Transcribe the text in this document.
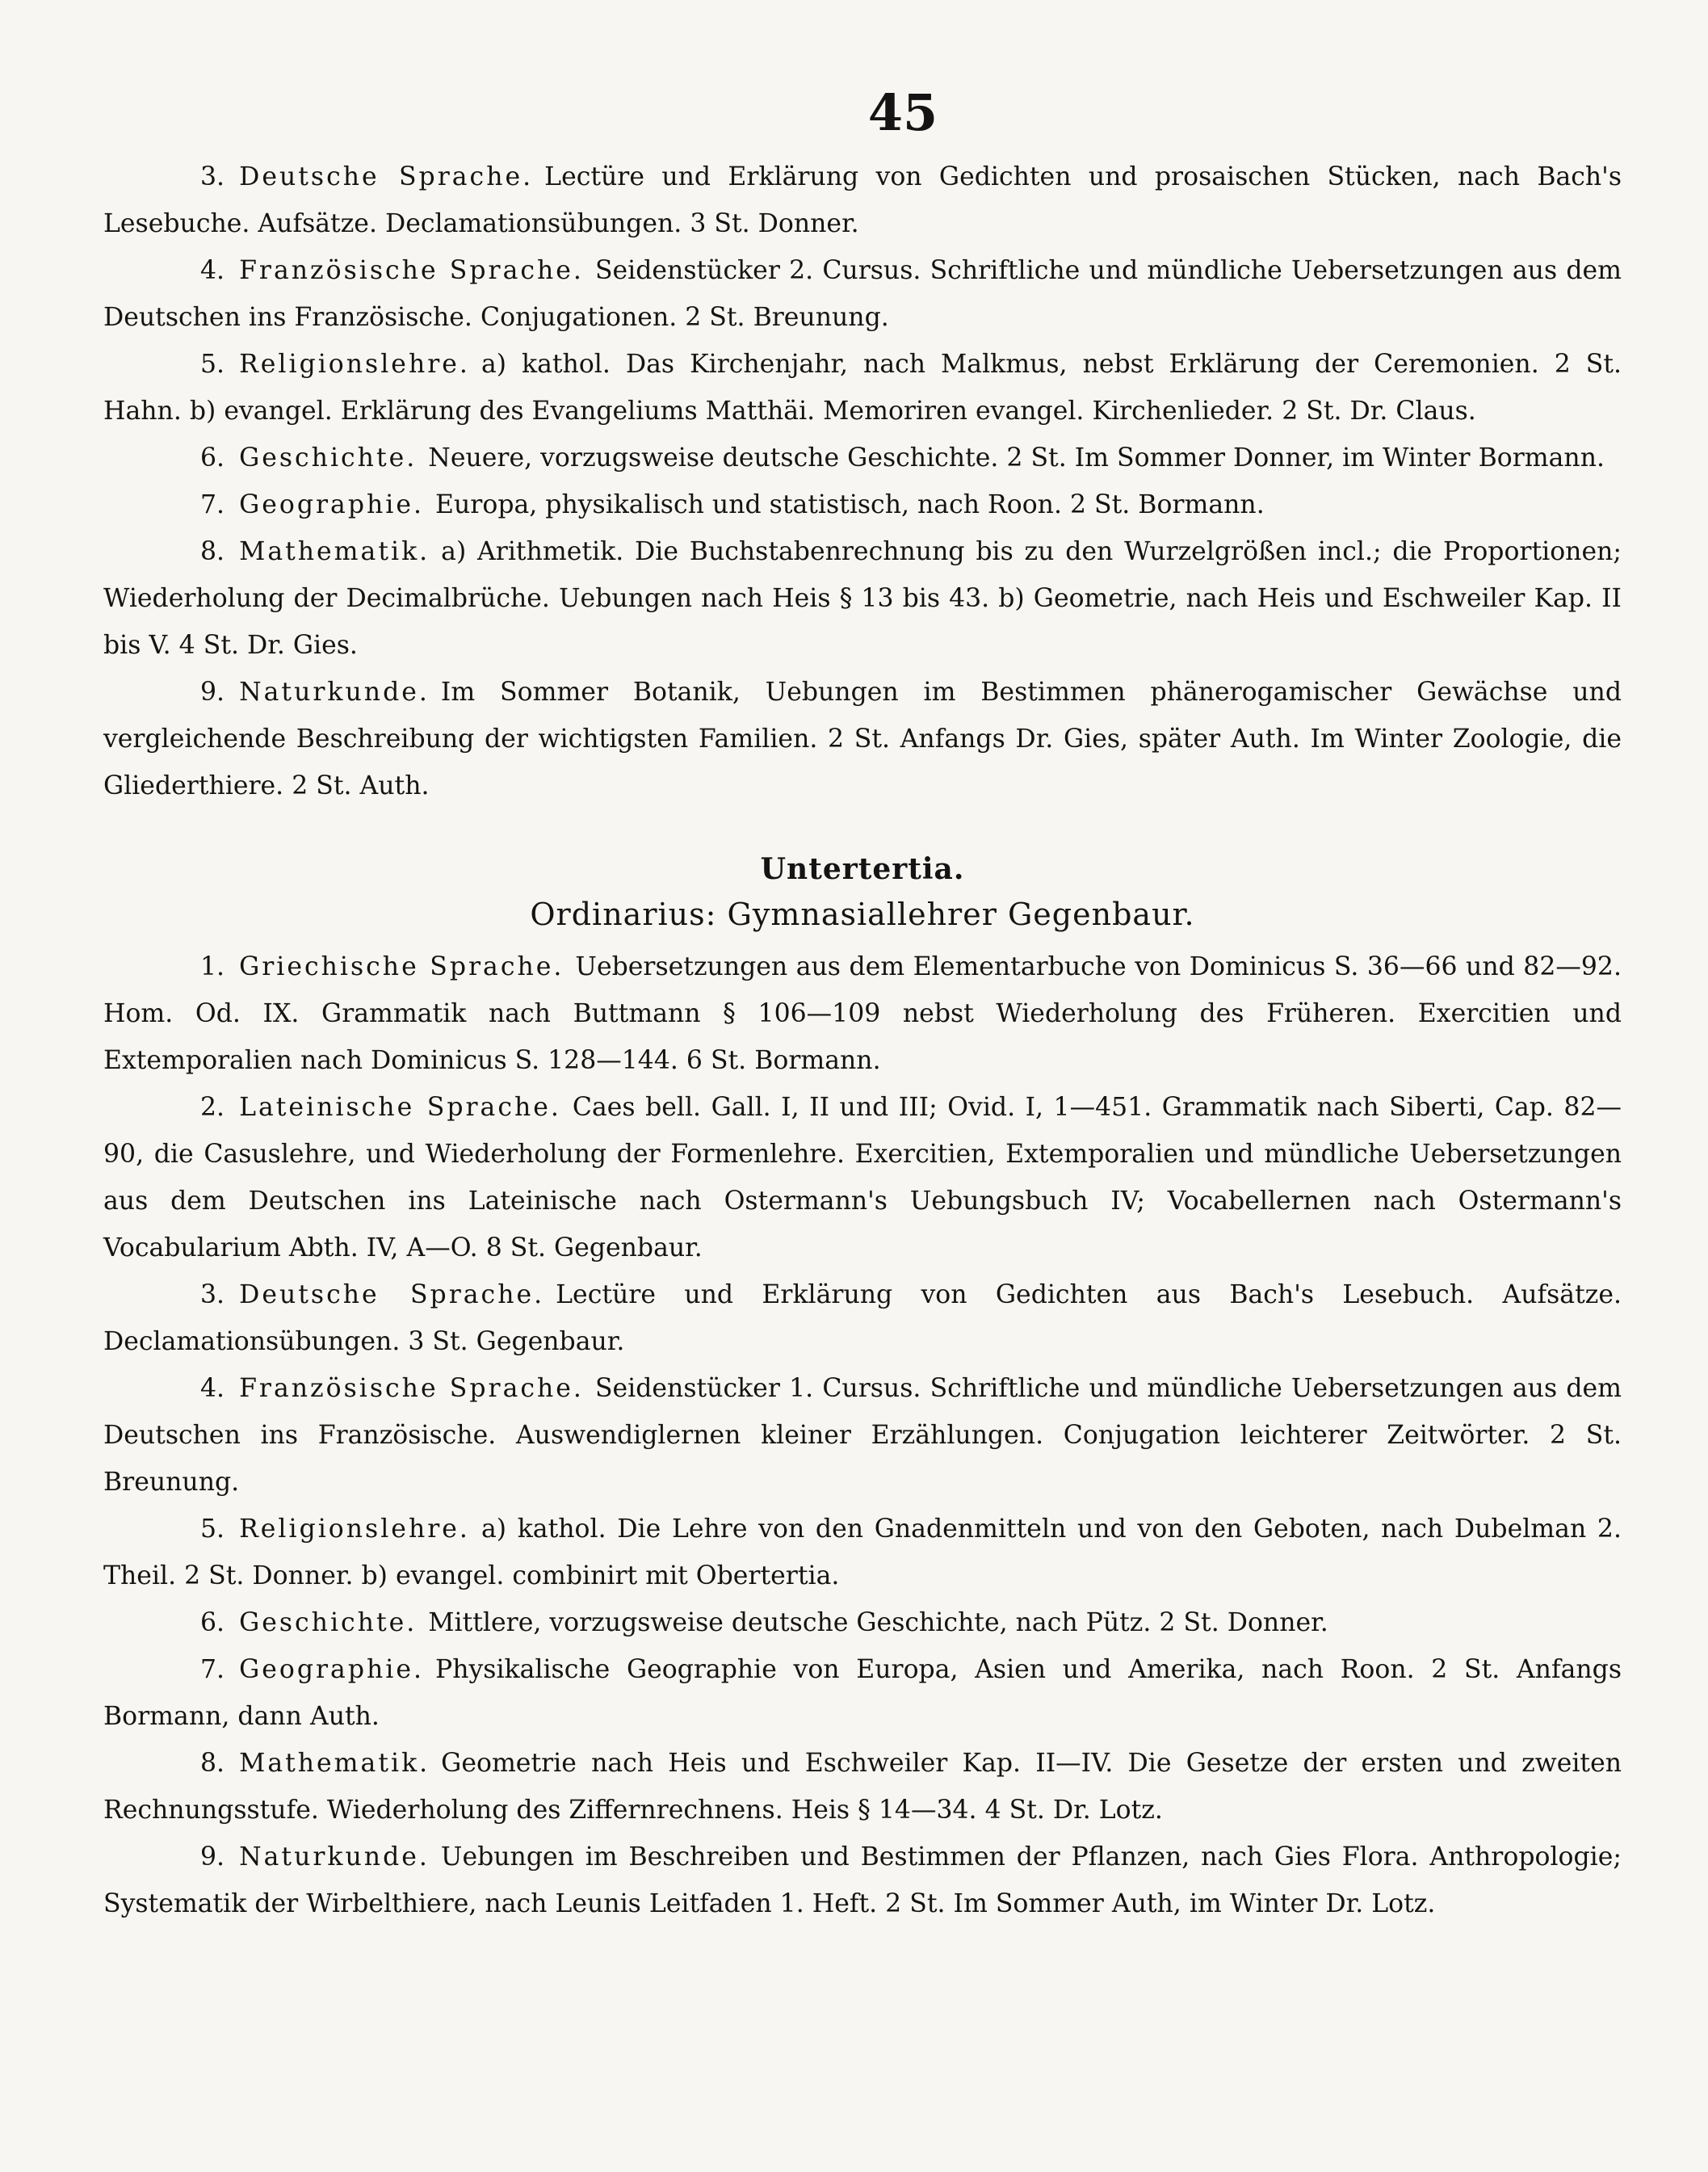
45

3. Deutsche Sprache. Lectüre und Erklärung von Gedichten und prosaischen Stücken, nach Bach's Lesebuche. Aufsätze. Declamationsübungen. 3 St. Donner.

4. Französische Sprache. Seidenstücker 2. Cursus. Schriftliche und mündliche Uebersetzungen aus dem Deutschen ins Französische. Conjugationen. 2 St. Breunung.

5. Religionslehre. a) kathol. Das Kirchenjahr, nach Malkmus, nebst Erklärung der Ceremonien. 2 St. Hahn. b) evangel. Erklärung des Evangeliums Matthäi. Memoriren evangel. Kirchenlieder. 2 St. Dr. Claus.

6. Geschichte. Neuere, vorzugsweise deutsche Geschichte. 2 St. Im Sommer Donner, im Winter Bormann.

7. Geographie. Europa, physikalisch und statistisch, nach Roon. 2 St. Bormann.

8. Mathematik. a) Arithmetik. Die Buchstabenrechnung bis zu den Wurzelgrößen incl.; die Proportionen; Wiederholung der Decimalbrüche. Uebungen nach Heis § 13 bis 43. b) Geometrie, nach Heis und Eschweiler Kap. II bis V. 4 St. Dr. Gies.

9. Naturkunde. Im Sommer Botanik, Uebungen im Bestimmen phänerogamischer Gewächse und vergleichende Beschreibung der wichtigsten Familien. 2 St. Anfangs Dr. Gies, später Auth. Im Winter Zoologie, die Gliederthiere. 2 St. Auth.

Untertertia.
Ordinarius: Gymnasiallehrer Gegenbaur.

1. Griechische Sprache. Uebersetzungen aus dem Elementarbuche von Dominicus S. 36—66 und 82—92. Hom. Od. IX. Grammatik nach Buttmann § 106—109 nebst Wiederholung des Früheren. Exercitien und Extemporalien nach Dominicus S. 128—144. 6 St. Bormann.

2. Lateinische Sprache. Caes bell. Gall. I, II und III; Ovid. I, 1—451. Grammatik nach Siberti, Cap. 82—90, die Casuslehre, und Wiederholung der Formenlehre. Exercitien, Extemporalien und mündliche Uebersetzungen aus dem Deutschen ins Lateinische nach Ostermann's Uebungsbuch IV; Vocabellernen nach Ostermann's Vocabularium Abth. IV, A—O. 8 St. Gegenbaur.

3. Deutsche Sprache. Lectüre und Erklärung von Gedichten aus Bach's Lesebuch. Aufsätze. Declamationsübungen. 3 St. Gegenbaur.

4. Französische Sprache. Seidenstücker 1. Cursus. Schriftliche und mündliche Uebersetzungen aus dem Deutschen ins Französische. Auswendiglernen kleiner Erzählungen. Conjugation leichterer Zeitwörter. 2 St. Breunung.

5. Religionslehre. a) kathol. Die Lehre von den Gnadenmitteln und von den Geboten, nach Dubelman 2. Theil. 2 St. Donner. b) evangel. combinirt mit Obertertia.

6. Geschichte. Mittlere, vorzugsweise deutsche Geschichte, nach Pütz. 2 St. Donner.

7. Geographie. Physikalische Geographie von Europa, Asien und Amerika, nach Roon. 2 St. Anfangs Bormann, dann Auth.

8. Mathematik. Geometrie nach Heis und Eschweiler Kap. II—IV. Die Gesetze der ersten und zweiten Rechnungsstufe. Wiederholung des Ziffernrechnens. Heis § 14—34. 4 St. Dr. Lotz.

9. Naturkunde. Uebungen im Beschreiben und Bestimmen der Pflanzen, nach Gies Flora. Anthropologie; Systematik der Wirbelthiere, nach Leunis Leitfaden 1. Heft. 2 St. Im Sommer Auth, im Winter Dr. Lotz.
